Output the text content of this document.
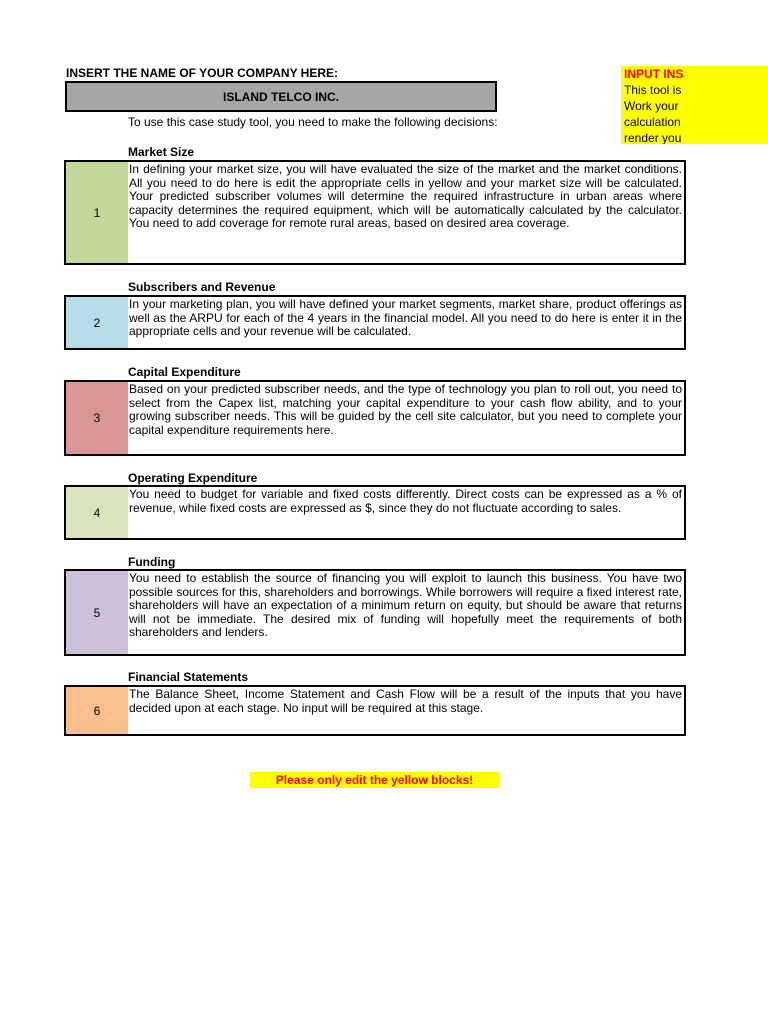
INSERT THE NAME OF YOUR COMPANY HERE:
ISLAND TELCO INC.
To use this case study tool, you need to make the following decisions:
INPUT INS
This tool is
Work your
calculation
render you
Market Size
1
In defining your market size, you will have evaluated the size of the market and the market conditions. All you need to do here is edit the appropriate cells in yellow and your market size will be calculated. Your predicted subscriber volumes will determine the required infrastructure in urban areas where capacity determines the required equipment, which will be automatically calculated by the calculator. You need to add coverage for remote rural areas, based on desired area coverage.
Subscribers and Revenue
2
In your marketing plan, you will have defined your market segments, market share, product offerings as well as the ARPU for each of the 4 years in the financial model. All you need to do here is enter it in the appropriate cells and your revenue will be calculated.
Capital Expenditure
3
Based on your predicted subscriber needs, and the type of technology you plan to roll out, you need to select from the Capex list, matching your capital expenditure to your cash flow ability, and to your growing subscriber needs. This will be guided by the cell site calculator, but you need to complete your capital expenditure requirements here.
Operating Expenditure
4
You need to budget for variable and fixed costs differently. Direct costs can be expressed as a % of revenue, while fixed costs are expressed as $, since they do not fluctuate according to sales.
Funding
5
You need to establish the source of financing you will exploit to launch this business. You have two possible sources for this, shareholders and borrowings. While borrowers will require a fixed interest rate, shareholders will have an expectation of a minimum return on equity, but should be aware that returns will not be immediate. The desired mix of funding will hopefully meet the requirements of both shareholders and lenders.
Financial Statements
6
The Balance Sheet, Income Statement and Cash Flow will be a result of the inputs that you have decided upon at each stage. No input will be required at this stage.
Please only edit the yellow blocks!
